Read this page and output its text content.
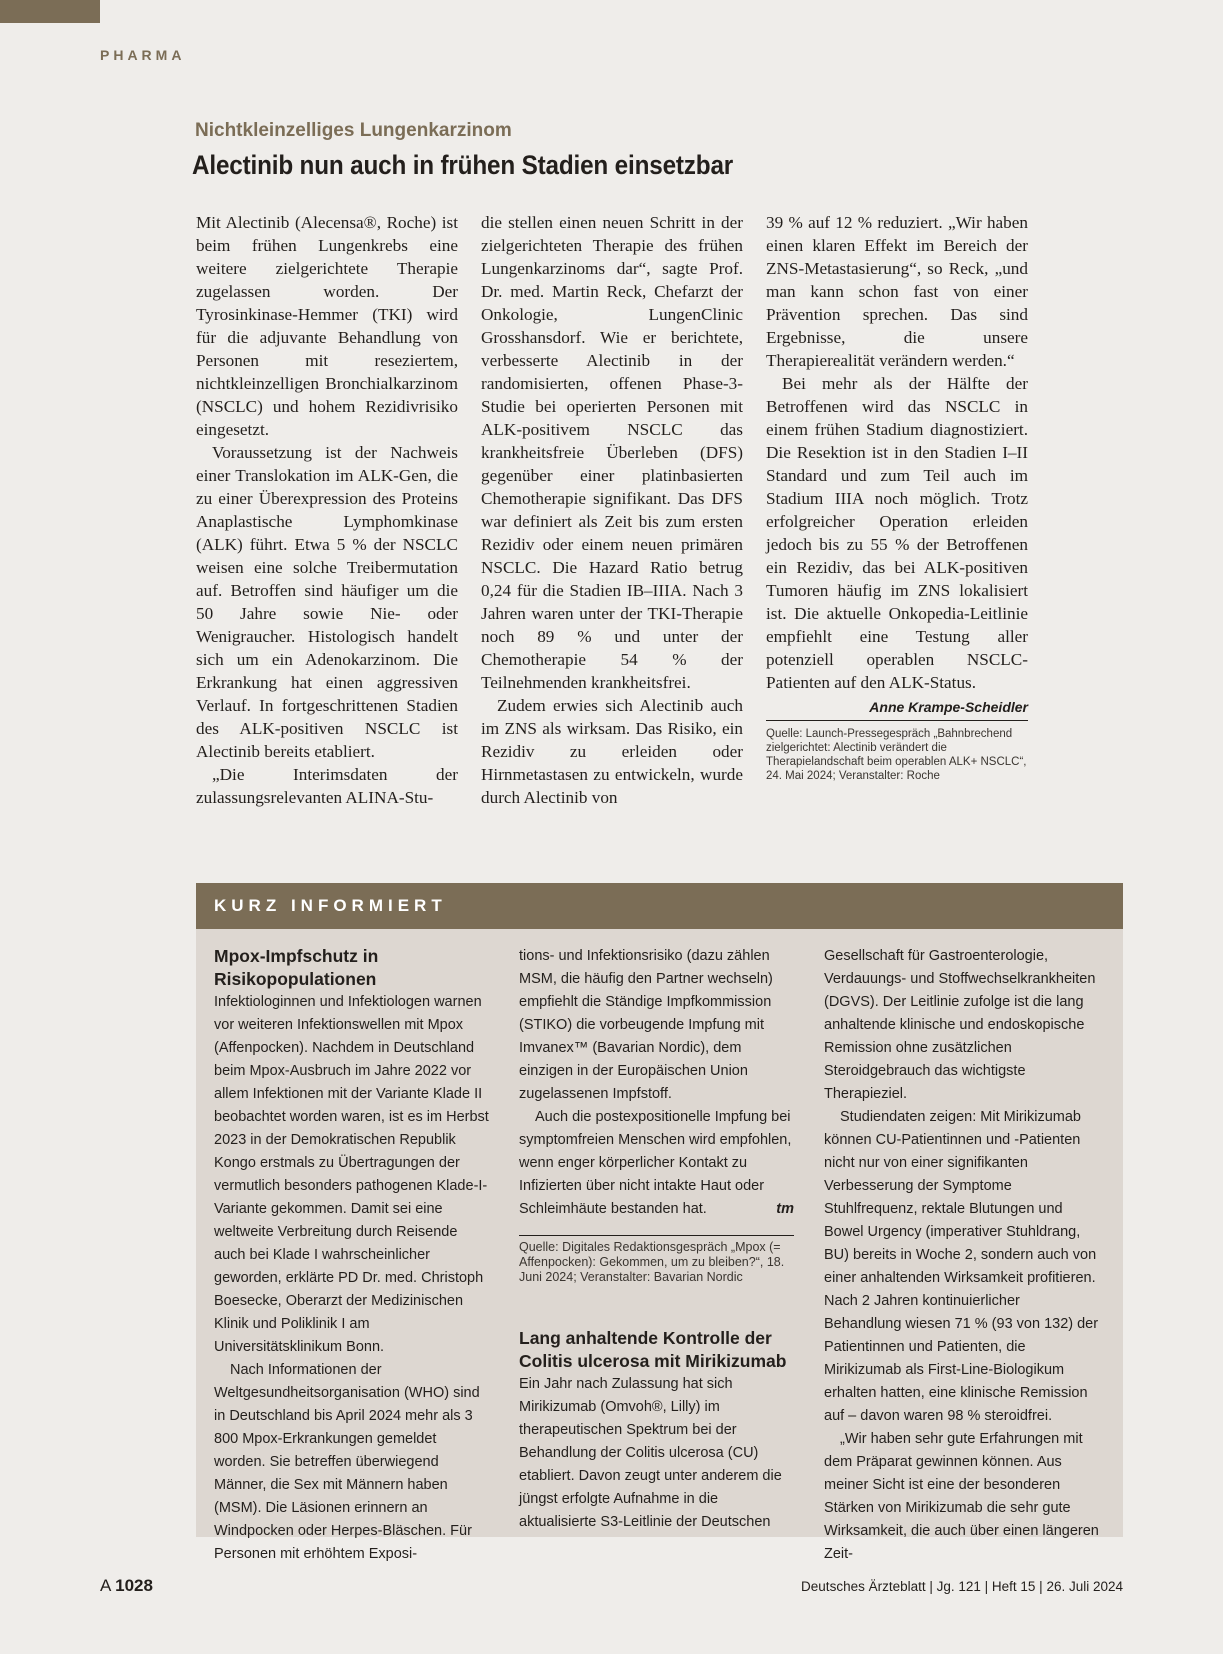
PHARMA
Nichtkleinzelliges Lungenkarzinom
Alectinib nun auch in frühen Stadien einsetzbar

Mit Alectinib (Alecensa®, Roche) ist beim frühen Lungenkrebs eine weitere zielgerichtete Therapie zugelassen worden. Der Tyrosinkinase-Hemmer (TKI) wird für die adjuvante Behandlung von Personen mit reseziertem, nichtkleinzelligen Bronchialkarzinom (NSCLC) und hohem Rezidivrisiko eingesetzt.

Voraussetzung ist der Nachweis einer Translokation im ALK-Gen, die zu einer Überexpression des Proteins Anaplastische Lymphomkinase (ALK) führt. Etwa 5 % der NSCLC weisen eine solche Treibermutation auf. Betroffen sind häufiger um die 50 Jahre sowie Nie- oder Wenigraucher. Histologisch handelt sich um ein Adenokarzinom. Die Erkrankung hat einen aggressiven Verlauf. In fortgeschrittenen Stadien des ALK-positiven NSCLC ist Alectinib bereits etabliert.

„Die Interimsdaten der zulassungsrelevanten ALINA-Stu-

die stellen einen neuen Schritt in der zielgerichteten Therapie des frühen Lungenkarzinoms dar“, sagte Prof. Dr. med. Martin Reck, Chefarzt der Onkologie, LungenClinic Grosshansdorf. Wie er berichtete, verbesserte Alectinib in der randomisierten, offenen Phase-3-Studie bei operierten Personen mit ALK-positivem NSCLC das krankheitsfreie Überleben (DFS) gegenüber einer platinbasierten Chemotherapie signifikant. Das DFS war definiert als Zeit bis zum ersten Rezidiv oder einem neuen primären NSCLC. Die Hazard Ratio betrug 0,24 für die Stadien IB–IIIA. Nach 3 Jahren waren unter der TKI-Therapie noch 89 % und unter der Chemotherapie 54 % der Teilnehmenden krankheitsfrei.

Zudem erwies sich Alectinib auch im ZNS als wirksam. Das Risiko, ein Rezidiv zu erleiden oder Hirnmetastasen zu entwickeln, wurde durch Alectinib von

39 % auf 12 % reduziert. „Wir haben einen klaren Effekt im Bereich der ZNS-Metastasierung“, so Reck, „und man kann schon fast von einer Prävention sprechen. Das sind Ergebnisse, die unsere Therapierealität verändern werden.“

Bei mehr als der Hälfte der Betroffenen wird das NSCLC in einem frühen Stadium diagnostiziert. Die Resektion ist in den Stadien I–II Standard und zum Teil auch im Stadium IIIA noch möglich. Trotz erfolgreicher Operation erleiden jedoch bis zu 55 % der Betroffenen ein Rezidiv, das bei ALK-positiven Tumoren häufig im ZNS lokalisiert ist. Die aktuelle Onkopedia-Leitlinie empfiehlt eine Testung aller potenziell operablen NSCLC-Patienten auf den ALK-Status.
Anne Krampe-Scheidler

Quelle: Launch-Pressegespräch „Bahnbrechend zielgerichtet: Alectinib verändert die Therapielandschaft beim operablen ALK+ NSCLC“, 24. Mai 2024; Veranstalter: Roche
KURZ INFORMIERT
Mpox-Impfschutz in Risikopopulationen

Infektiologinnen und Infektiologen warnen vor weiteren Infektionswellen mit Mpox (Affenpocken). Nachdem in Deutschland beim Mpox-Ausbruch im Jahre 2022 vor allem Infektionen mit der Variante Klade II beobachtet worden waren, ist es im Herbst 2023 in der Demokratischen Republik Kongo erstmals zu Übertragungen der vermutlich besonders pathogenen Klade-I-Variante gekommen. Damit sei eine weltweite Verbreitung durch Reisende auch bei Klade I wahrscheinlicher geworden, erklärte PD Dr. med. Christoph Boesecke, Oberarzt der Medizinischen Klinik und Poliklinik I am Universitätsklinikum Bonn.

Nach Informationen der Weltgesundheitsorganisation (WHO) sind in Deutschland bis April 2024 mehr als 3 800 Mpox-Erkrankungen gemeldet worden. Sie betreffen überwiegend Männer, die Sex mit Männern haben (MSM). Die Läsionen erinnern an Windpocken oder Herpes-Bläschen. Für Personen mit erhöhtem Exposi-

tions- und Infektionsrisiko (dazu zählen MSM, die häufig den Partner wechseln) empfiehlt die Ständige Impfkommission (STIKO) die vorbeugende Impfung mit Imvanex™ (Bavarian Nordic), dem einzigen in der Europäischen Union zugelassenen Impfstoff.

Auch die postexpositionelle Impfung bei symptomfreien Menschen wird empfohlen, wenn enger körperlicher Kontakt zu Infizierten über nicht intakte Haut oder Schleimhäute bestanden hat.	tm

Quelle: Digitales Redaktionsgespräch „Mpox (= Affenpocken): Gekommen, um zu bleiben?“, 18. Juni 2024; Veranstalter: Bavarian Nordic
Lang anhaltende Kontrolle der Colitis ulcerosa mit Mirikizumab

Ein Jahr nach Zulassung hat sich Mirikizumab (Omvoh®, Lilly) im therapeutischen Spektrum bei der Behandlung der Colitis ulcerosa (CU) etabliert. Davon zeugt unter anderem die jüngst erfolgte Aufnahme in die aktualisierte S3-Leitlinie der Deutschen

Gesellschaft für Gastroenterologie, Verdauungs- und Stoffwechselkrankheiten (DGVS). Der Leitlinie zufolge ist die lang anhaltende klinische und endoskopische Remission ohne zusätzlichen Steroidgebrauch das wichtigste Therapieziel.

Studiendaten zeigen: Mit Mirikizumab können CU-Patientinnen und -Patienten nicht nur von einer signifikanten Verbesserung der Symptome Stuhlfrequenz, rektale Blutungen und Bowel Urgency (imperativer Stuhldrang, BU) bereits in Woche 2, sondern auch von einer anhaltenden Wirksamkeit profitieren. Nach 2 Jahren kontinuierlicher Behandlung wiesen 71 % (93 von 132) der Patientinnen und Patienten, die Mirikizumab als First-Line-Biologikum erhalten hatten, eine klinische Remission auf – davon waren 98 % steroidfrei.

„Wir haben sehr gute Erfahrungen mit dem Präparat gewinnen können. Aus meiner Sicht ist eine der besonderen Stärken von Mirikizumab die sehr gute Wirksamkeit, die auch über einen längeren Zeit-

A 1028	Deutsches Ärzteblatt | Jg. 121 | Heft 15 | 26. Juli 2024
